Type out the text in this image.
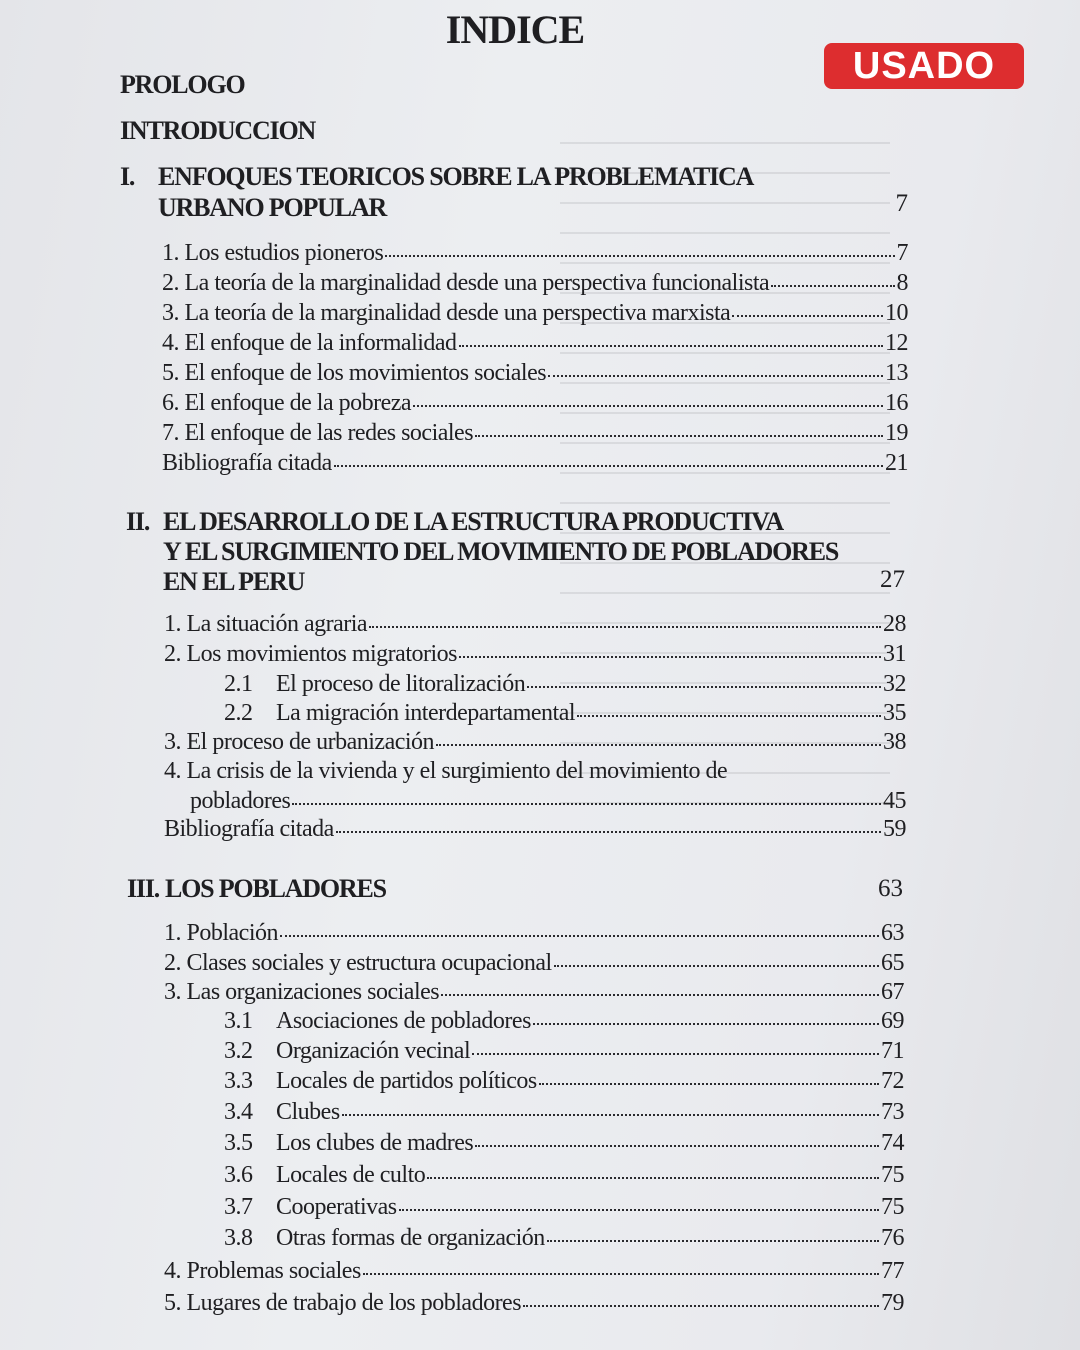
USADO
INDICE
PROLOGO
INTRODUCCION
I. ENFOQUES TEORICOS SOBRE LA PROBLEMATICA
URBANO POPULAR	7
1. Los estudios pioneros	7
2. La teoría de la marginalidad desde una perspectiva funcionalista	8
3. La teoría de la marginalidad desde una perspectiva marxista	10
4. El enfoque de la informalidad	12
5. El enfoque de los movimientos sociales	13
6. El enfoque de la pobreza	16
7. El enfoque de las redes sociales	19
Bibliografía citada	21
II. EL DESARROLLO DE LA ESTRUCTURA PRODUCTIVA
Y EL SURGIMIENTO DEL MOVIMIENTO DE POBLADORES
EN EL PERU	27
1. La situación agraria	28
2. Los movimientos migratorios	31
2.1 El proceso de litoralización	32
2.2 La migración interdepartamental	35
3. El proceso de urbanización	38
4. La crisis de la vivienda y el surgimiento del movimiento de
pobladores	45
Bibliografía citada	59
III. LOS POBLADORES	63
1. Población	63
2. Clases sociales y estructura ocupacional	65
3. Las organizaciones sociales	67
3.1 Asociaciones de pobladores	69
3.2 Organización vecinal	71
3.3 Locales de partidos políticos	72
3.4 Clubes	73
3.5 Los clubes de madres	74
3.6 Locales de culto	75
3.7 Cooperativas	75
3.8 Otras formas de organización	76
4. Problemas sociales	77
5. Lugares de trabajo de los pobladores	79
